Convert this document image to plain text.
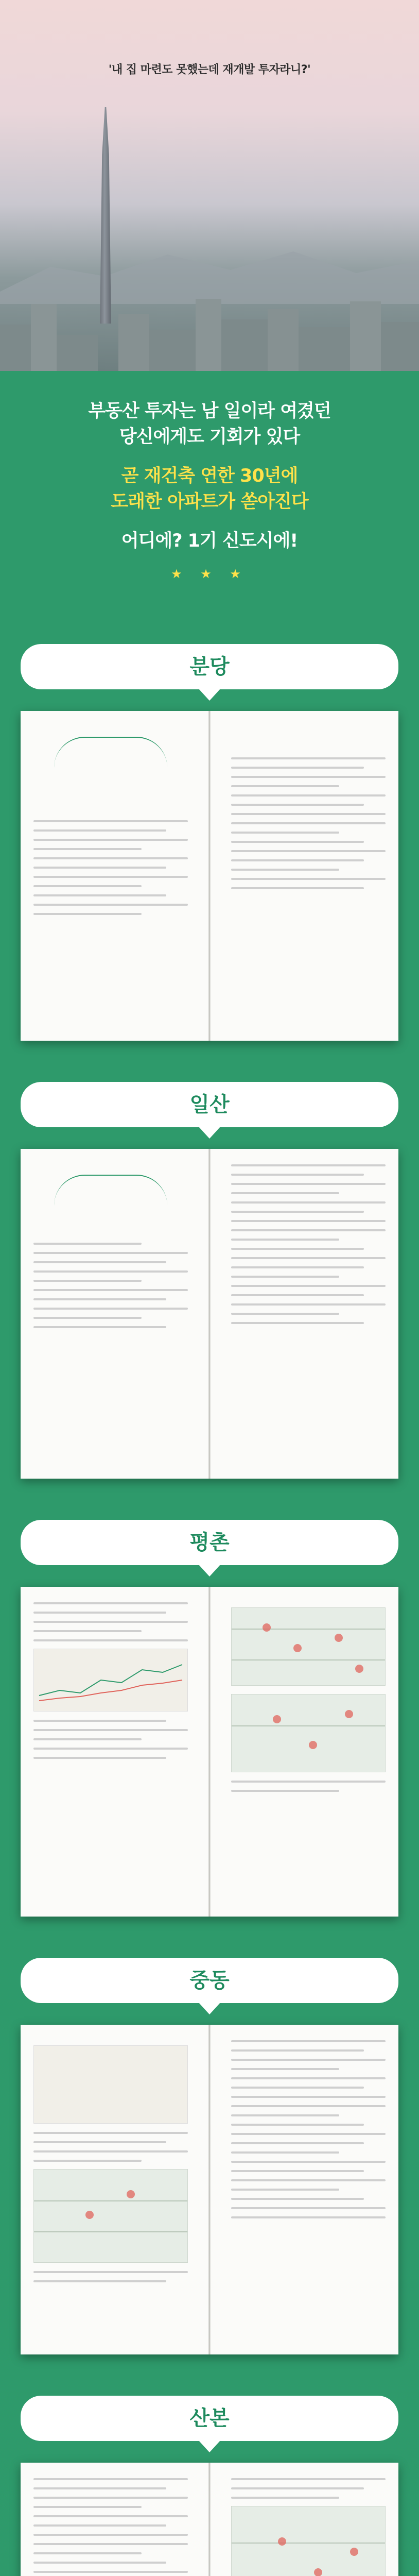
'내 집 마련도 못했는데 재개발 투자라니?'

부동산 투자는 남 일이라 여겼던

당신에게도 기회가 있다

곧 재건축 연한 30년에

도래한 아파트가 쏟아진다

어디에? 1기 신도시에!

★ ★ ★
분당
일산
평촌
중동
산본
